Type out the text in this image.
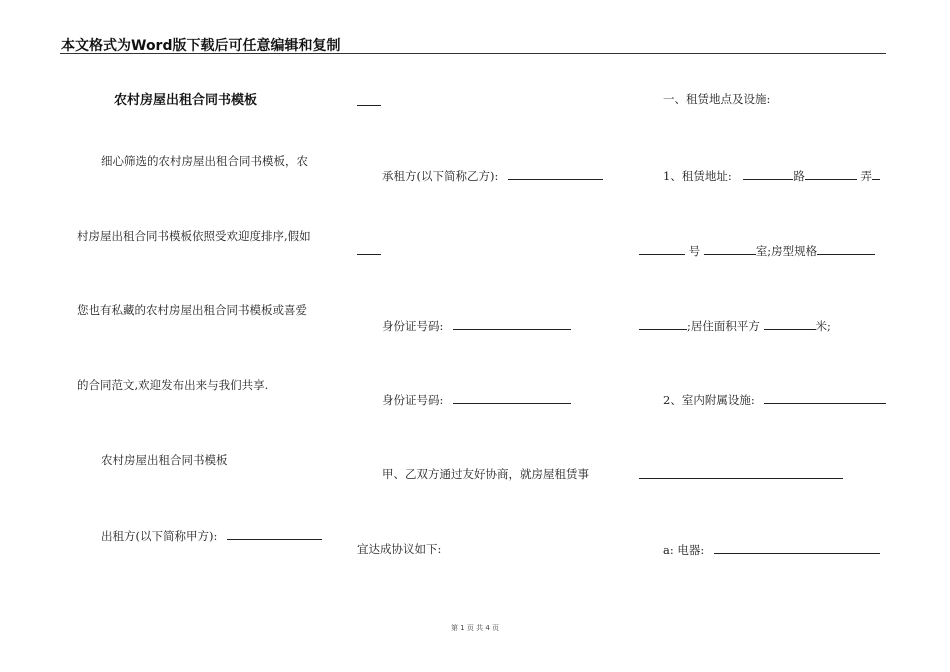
本文格式为Word版下载后可任意编辑和复制
农村房屋出租合同书模板
细心筛选的农村房屋出租合同书模板，农
村房屋出租合同书模板依照受欢迎度排序,假如
您也有私藏的农村房屋出租合同书模板或喜爱
的合同范文,欢迎发布出来与我们共享.
农村房屋出租合同书模板
出租方(以下简称甲方):
承租方(以下简称乙方):
身份证号码:
身份证号码:
甲、乙双方通过友好协商，就房屋租赁事
宜达成协议如下:
一、租赁地点及设施:
1、租赁地址:	路	弄
号	室;房型规格
;居住面积平方	米;
2、室内附属设施:
a: 电器:
第 1 页 共 4 页
